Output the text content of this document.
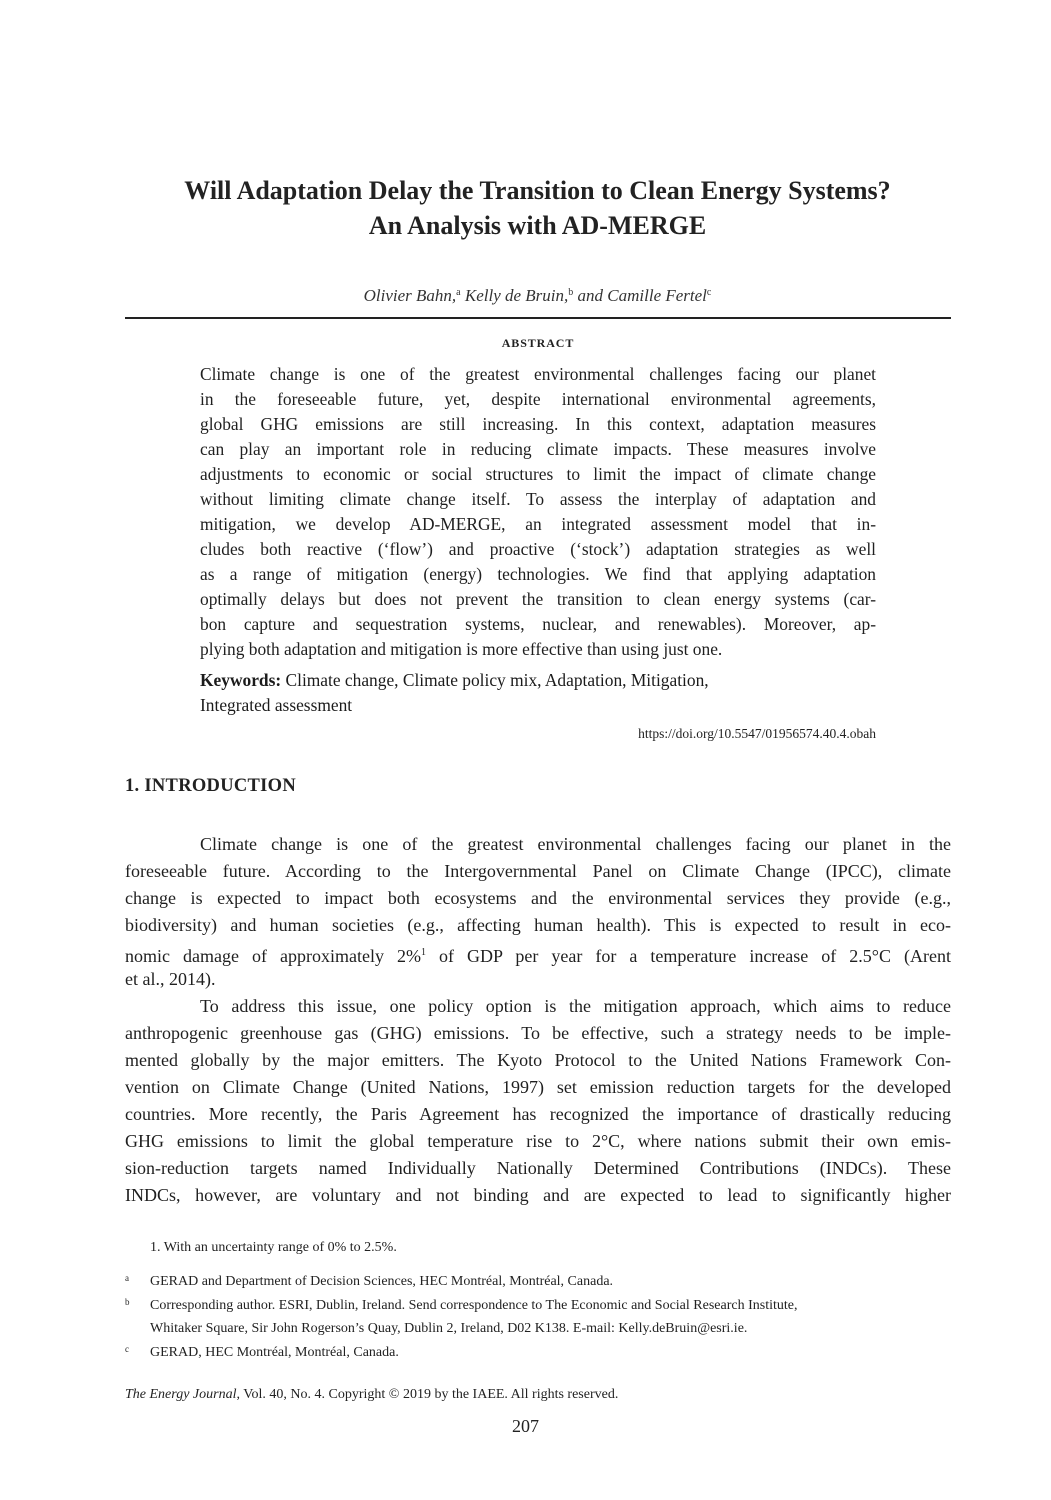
Will Adaptation Delay the Transition to Clean Energy Systems?
An Analysis with AD-MERGE
Olivier Bahn,$^a$ Kelly de Bruin,$^b$ and Camille Fertel$^c$
ABSTRACT
Climate change is one of the greatest environmental challenges facing our planet
in the foreseeable future, yet, despite international environmental agreements,
global GHG emissions are still increasing. In this context, adaptation measures
can play an important role in reducing climate impacts. These measures involve
adjustments to economic or social structures to limit the impact of climate change
without limiting climate change itself. To assess the interplay of adaptation and
mitigation, we develop AD-MERGE, an integrated assessment model that in-
cludes both reactive (‘flow’) and proactive (‘stock’) adaptation strategies as well
as a range of mitigation (energy) technologies. We find that applying adaptation
optimally delays but does not prevent the transition to clean energy systems (car-
bon capture and sequestration systems, nuclear, and renewables). Moreover, ap-
plying both adaptation and mitigation is more effective than using just one.
Keywords: Climate change, Climate policy mix, Adaptation, Mitigation,
Integrated assessment
https://doi.org/10.5547/01956574.40.4.obah
1. INTRODUCTION
Climate change is one of the greatest environmental challenges facing our planet in the
foreseeable future. According to the Intergovernmental Panel on Climate Change (IPCC), climate
change is expected to impact both ecosystems and the environmental services they provide (e.g.,
biodiversity) and human societies (e.g., affecting human health). This is expected to result in eco-
nomic damage of approximately 2%$^1$ of GDP per year for a temperature increase of 2.5°C (Arent
et al., 2014).
To address this issue, one policy option is the mitigation approach, which aims to reduce
anthropogenic greenhouse gas (GHG) emissions. To be effective, such a strategy needs to be imple-
mented globally by the major emitters. The Kyoto Protocol to the United Nations Framework Con-
vention on Climate Change (United Nations, 1997) set emission reduction targets for the developed
countries. More recently, the Paris Agreement has recognized the importance of drastically reducing
GHG emissions to limit the global temperature rise to 2°C, where nations submit their own emis-
sion-reduction targets named Individually Nationally Determined Contributions (INDCs). These
INDCs, however, are voluntary and not binding and are expected to lead to significantly higher
1. With an uncertainty range of 0% to 2.5%.
a GERAD and Department of Decision Sciences, HEC Montréal, Montréal, Canada.
b Corresponding author. ESRI, Dublin, Ireland. Send correspondence to The Economic and Social Research Institute,
Whitaker Square, Sir John Rogerson’s Quay, Dublin 2, Ireland, D02 K138. E-mail: Kelly.deBruin@esri.ie.
c GERAD, HEC Montréal, Montréal, Canada.
The Energy Journal, Vol. 40, No. 4. Copyright © 2019 by the IAEE. All rights reserved.
207
